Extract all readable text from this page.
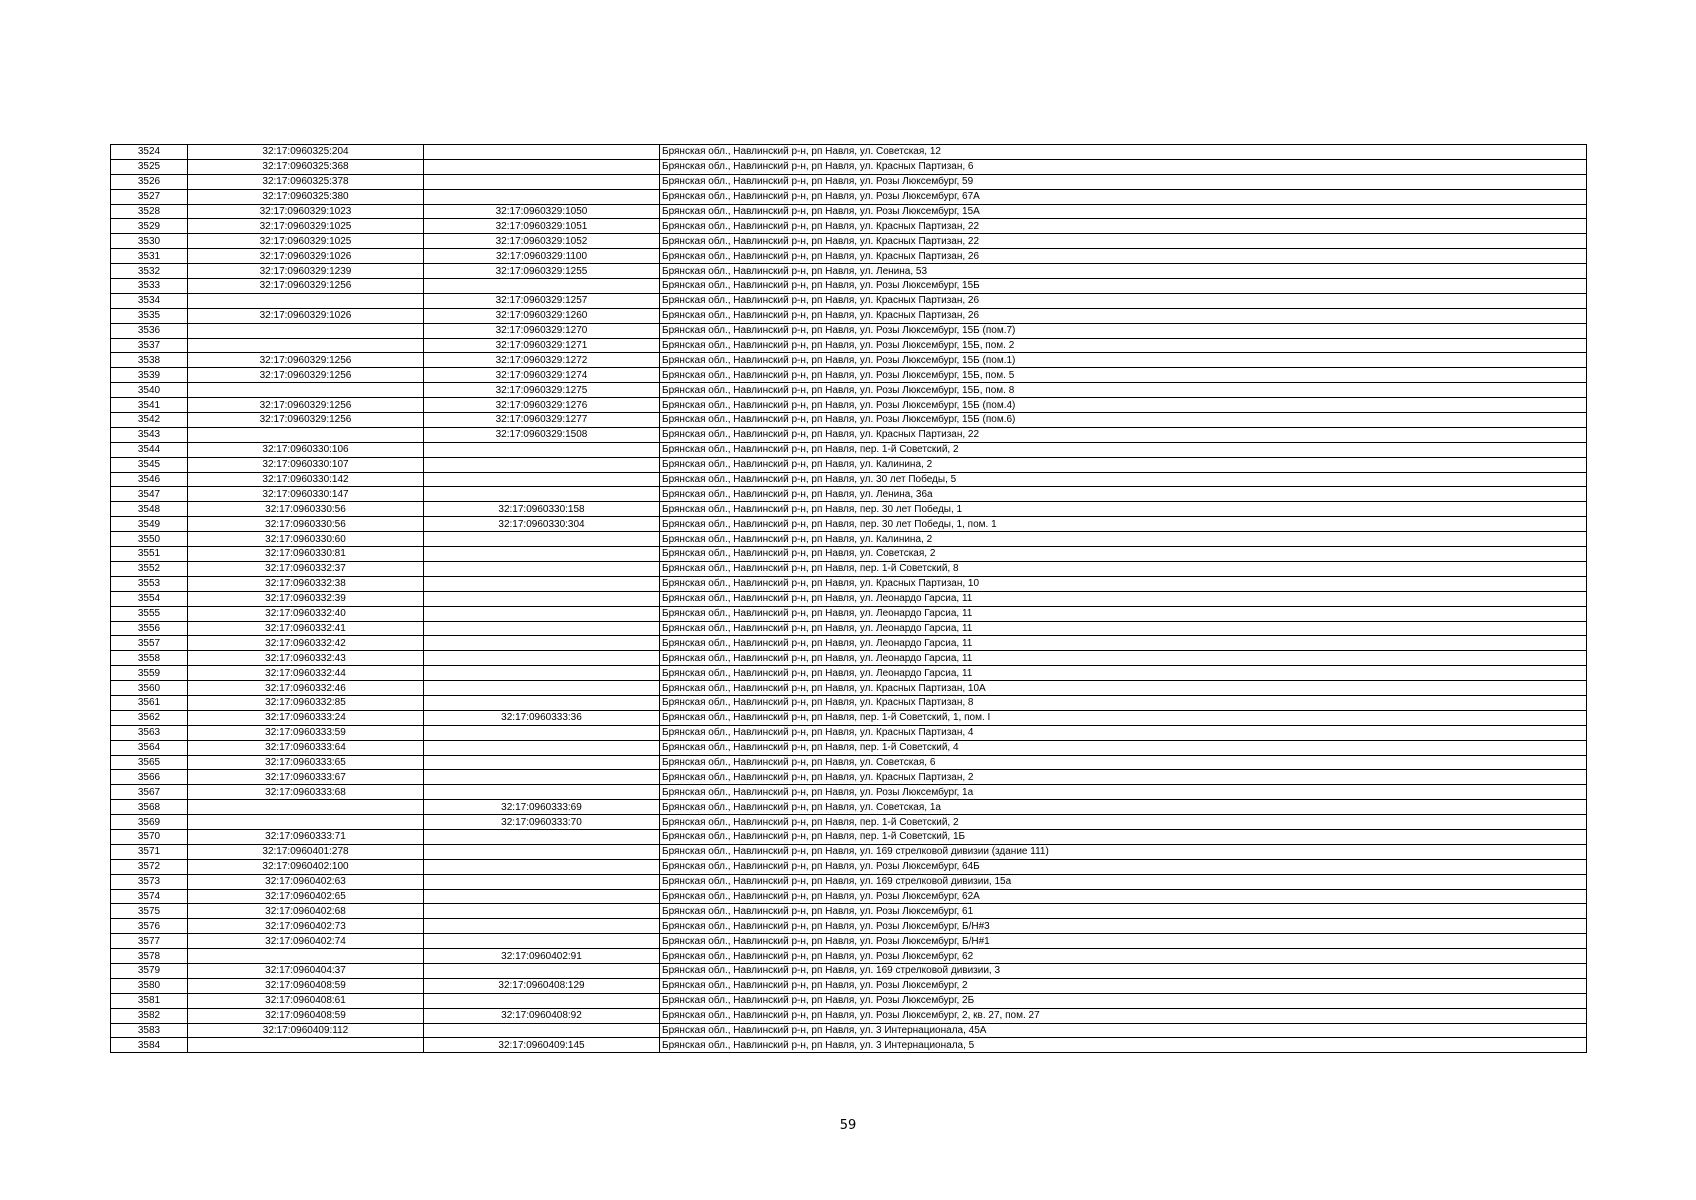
3524	32:17:0960325:204		Брянская обл., Навлинский р-н, рп Навля, ул. Советская, 12
3525	32:17:0960325:368		Брянская обл., Навлинский р-н, рп Навля, ул. Красных Партизан, 6
3526	32:17:0960325:378		Брянская обл., Навлинский р-н, рп Навля, ул. Розы Люксембург, 59
3527	32:17:0960325:380		Брянская обл., Навлинский р-н, рп Навля, ул. Розы Люксембург, 67А
3528	32:17:0960329:1023	32:17:0960329:1050	Брянская обл., Навлинский р-н, рп Навля, ул. Розы Люксембург, 15А
3529	32:17:0960329:1025	32:17:0960329:1051	Брянская обл., Навлинский р-н, рп Навля, ул. Красных Партизан, 22
3530	32:17:0960329:1025	32:17:0960329:1052	Брянская обл., Навлинский р-н, рп Навля, ул. Красных Партизан, 22
3531	32:17:0960329:1026	32:17:0960329:1100	Брянская обл., Навлинский р-н, рп Навля, ул. Красных Партизан, 26
3532	32:17:0960329:1239	32:17:0960329:1255	Брянская обл., Навлинский р-н, рп Навля, ул. Ленина, 53
3533	32:17:0960329:1256		Брянская обл., Навлинский р-н, рп Навля, ул. Розы Люксембург, 15Б
3534		32:17:0960329:1257	Брянская обл., Навлинский р-н, рп Навля, ул. Красных Партизан, 26
3535	32:17:0960329:1026	32:17:0960329:1260	Брянская обл., Навлинский р-н, рп Навля, ул. Красных Партизан, 26
3536		32:17:0960329:1270	Брянская обл., Навлинский р-н, рп Навля, ул. Розы Люксембург, 15Б (пом.7)
3537		32:17:0960329:1271	Брянская обл., Навлинский р-н, рп Навля, ул. Розы Люксембург, 15Б, пом. 2
3538	32:17:0960329:1256	32:17:0960329:1272	Брянская обл., Навлинский р-н, рп Навля, ул. Розы Люксембург, 15Б (пом.1)
3539	32:17:0960329:1256	32:17:0960329:1274	Брянская обл., Навлинский р-н, рп Навля, ул. Розы Люксембург, 15Б, пом. 5
3540		32:17:0960329:1275	Брянская обл., Навлинский р-н, рп Навля, ул. Розы Люксембург, 15Б, пом. 8
3541	32:17:0960329:1256	32:17:0960329:1276	Брянская обл., Навлинский р-н, рп Навля, ул. Розы Люксембург, 15Б (пом.4)
3542	32:17:0960329:1256	32:17:0960329:1277	Брянская обл., Навлинский р-н, рп Навля, ул. Розы Люксембург, 15Б (пом.6)
3543		32:17:0960329:1508	Брянская обл., Навлинский р-н, рп Навля, ул. Красных Партизан, 22
3544	32:17:0960330:106		Брянская обл., Навлинский р-н, рп Навля, пер. 1-й Советский, 2
3545	32:17:0960330:107		Брянская обл., Навлинский р-н, рп Навля, ул. Калинина, 2
3546	32:17:0960330:142		Брянская обл., Навлинский р-н, рп Навля, ул. 30 лет Победы, 5
3547	32:17:0960330:147		Брянская обл., Навлинский р-н, рп Навля, ул. Ленина, 36а
3548	32:17:0960330:56	32:17:0960330:158	Брянская обл., Навлинский р-н, рп Навля, пер. 30 лет Победы, 1
3549	32:17:0960330:56	32:17:0960330:304	Брянская обл., Навлинский р-н, рп Навля, пер. 30 лет Победы, 1, пом. 1
3550	32:17:0960330:60		Брянская обл., Навлинский р-н, рп Навля, ул. Калинина, 2
3551	32:17:0960330:81		Брянская обл., Навлинский р-н, рп Навля, ул. Советская, 2
3552	32:17:0960332:37		Брянская обл., Навлинский р-н, рп Навля, пер. 1-й Советский, 8
3553	32:17:0960332:38		Брянская обл., Навлинский р-н, рп Навля, ул. Красных Партизан, 10
3554	32:17:0960332:39		Брянская обл., Навлинский р-н, рп Навля, ул. Леонардо Гарсиа, 11
3555	32:17:0960332:40		Брянская обл., Навлинский р-н, рп Навля, ул. Леонардо Гарсиа, 11
3556	32:17:0960332:41		Брянская обл., Навлинский р-н, рп Навля, ул. Леонардо Гарсиа, 11
3557	32:17:0960332:42		Брянская обл., Навлинский р-н, рп Навля, ул. Леонардо Гарсиа, 11
3558	32:17:0960332:43		Брянская обл., Навлинский р-н, рп Навля, ул. Леонардо Гарсиа, 11
3559	32:17:0960332:44		Брянская обл., Навлинский р-н, рп Навля, ул. Леонардо Гарсиа, 11
3560	32:17:0960332:46		Брянская обл., Навлинский р-н, рп Навля, ул. Красных Партизан, 10А
3561	32:17:0960332:85		Брянская обл., Навлинский р-н, рп Навля, ул. Красных Партизан, 8
3562	32:17:0960333:24	32:17:0960333:36	Брянская обл., Навлинский р-н, рп Навля, пер. 1-й Советский, 1, пом. I
3563	32:17:0960333:59		Брянская обл., Навлинский р-н, рп Навля, ул. Красных Партизан, 4
3564	32:17:0960333:64		Брянская обл., Навлинский р-н, рп Навля, пер. 1-й Советский, 4
3565	32:17:0960333:65		Брянская обл., Навлинский р-н, рп Навля, ул. Советская, 6
3566	32:17:0960333:67		Брянская обл., Навлинский р-н, рп Навля, ул. Красных Партизан, 2
3567	32:17:0960333:68		Брянская обл., Навлинский р-н, рп Навля, ул. Розы Люксембург, 1а
3568		32:17:0960333:69	Брянская обл., Навлинский р-н, рп Навля, ул. Советская, 1а
3569		32:17:0960333:70	Брянская обл., Навлинский р-н, рп Навля, пер. 1-й Советский, 2
3570	32:17:0960333:71		Брянская обл., Навлинский р-н, рп Навля, пер. 1-й Советский, 1Б
3571	32:17:0960401:278		Брянская обл., Навлинский р-н, рп Навля, ул. 169 стрелковой дивизии (здание 111)
3572	32:17:0960402:100		Брянская обл., Навлинский р-н, рп Навля, ул. Розы Люксембург, 64Б
3573	32:17:0960402:63		Брянская обл., Навлинский р-н, рп Навля, ул. 169 стрелковой дивизии, 15а
3574	32:17:0960402:65		Брянская обл., Навлинский р-н, рп Навля, ул. Розы Люксембург, 62А
3575	32:17:0960402:68		Брянская обл., Навлинский р-н, рп Навля, ул. Розы Люксембург, 61
3576	32:17:0960402:73		Брянская обл., Навлинский р-н, рп Навля, ул. Розы Люксембург, Б/Н#3
3577	32:17:0960402:74		Брянская обл., Навлинский р-н, рп Навля, ул. Розы Люксембург, Б/Н#1
3578		32:17:0960402:91	Брянская обл., Навлинский р-н, рп Навля, ул. Розы Люксембург, 62
3579	32:17:0960404:37		Брянская обл., Навлинский р-н, рп Навля, ул. 169 стрелковой дивизии, 3
3580	32:17:0960408:59	32:17:0960408:129	Брянская обл., Навлинский р-н, рп Навля, ул. Розы Люксембург, 2
3581	32:17:0960408:61		Брянская обл., Навлинский р-н, рп Навля, ул. Розы Люксембург, 2Б
3582	32:17:0960408:59	32:17:0960408:92	Брянская обл., Навлинский р-н, рп Навля, ул. Розы Люксембург, 2, кв. 27, пом. 27
3583	32:17:0960409:112		Брянская обл., Навлинский р-н, рп Навля, ул. 3 Интернационала, 45А
3584		32:17:0960409:145	Брянская обл., Навлинский р-н, рп Навля, ул. 3 Интернационала, 5
59
